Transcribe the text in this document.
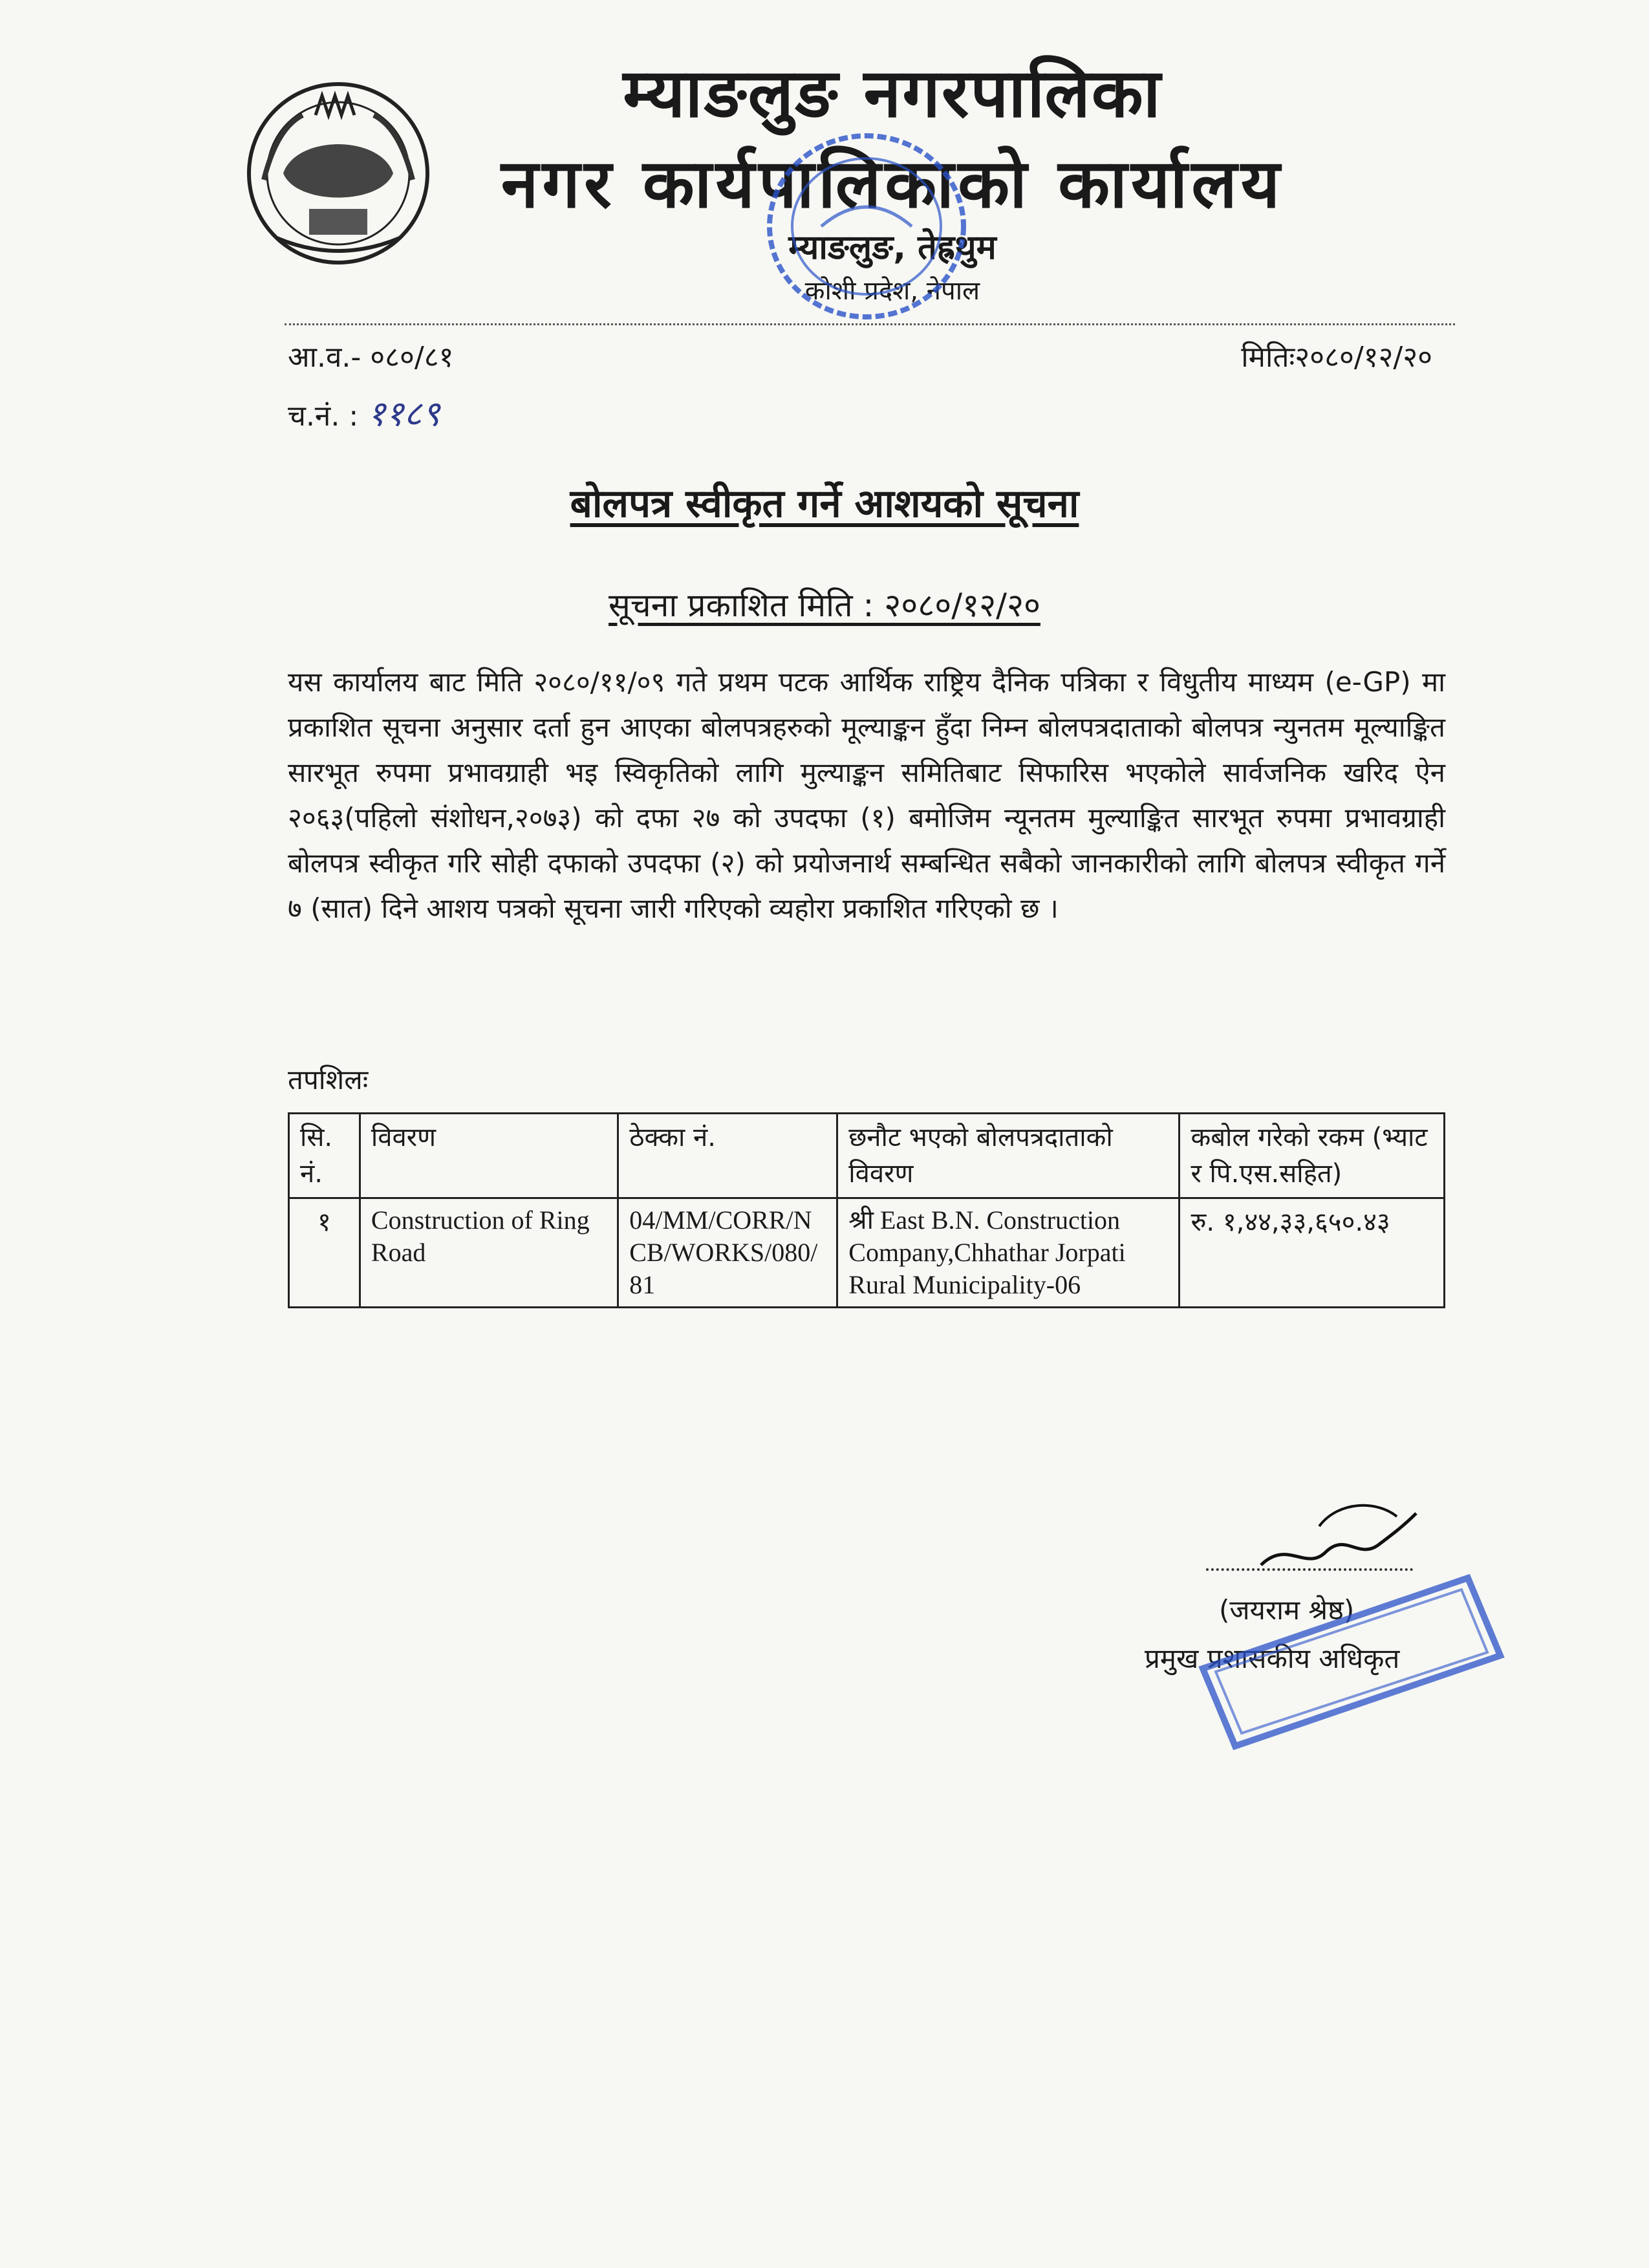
म्याङलुङ नगरपालिका
नगर कार्यपालिकाको कार्यालय
म्याङलुङ, तेह्रथुम
कोशी प्रदेश, नेपाल
आ.व.- ०८०/८१
च.नं. : ११८९
मितिः२०८०/१२/२०
बोलपत्र स्वीकृत गर्ने आशयको सूचना
सूचना प्रकाशित मिति : २०८०/१२/२०
यस कार्यालय बाट मिति २०८०/११/०९ गते प्रथम पटक आर्थिक राष्ट्रिय दैनिक पत्रिका र विधुतीय माध्यम (e-GP) मा प्रकाशित सूचना अनुसार दर्ता हुन आएका बोलपत्रहरुको मूल्याङ्कन हुँदा निम्न बोलपत्रदाताको बोलपत्र न्युनतम मूल्याङ्कित सारभूत रुपमा प्रभावग्राही भइ स्विकृतिको लागि मुल्याङ्कन समितिबाट सिफारिस भएकोले सार्वजनिक खरिद ऐन २०६३(पहिलो संशोधन,२०७३) को दफा २७ को उपदफा (१) बमोजिम न्यूनतम मुल्याङ्कित सारभूत रुपमा प्रभावग्राही बोलपत्र स्वीकृत गरि सोही दफाको उपदफा (२) को प्रयोजनार्थ सम्बन्धित सबैको जानकारीको लागि बोलपत्र स्वीकृत गर्ने ७ (सात) दिने आशय पत्रको सूचना जारी गरिएको व्यहोरा प्रकाशित गरिएको छ ।
तपशिलः
सि. नं.	विवरण	ठेक्का नं.	छनौट भएको बोलपत्रदाताको विवरण	कबोल गरेको रकम (भ्याट र पि.एस.सहित)
१	Construction of Ring Road	04/MM/CORR/NCB/WORKS/080/81	श्री East B.N. Construction Company,Chhathar Jorpati Rural Municipality-06	रु. १,४४,३३,६५०.४३
(जयराम श्रेष्ठ)
प्रमुख प्रशासकीय अधिकृत
